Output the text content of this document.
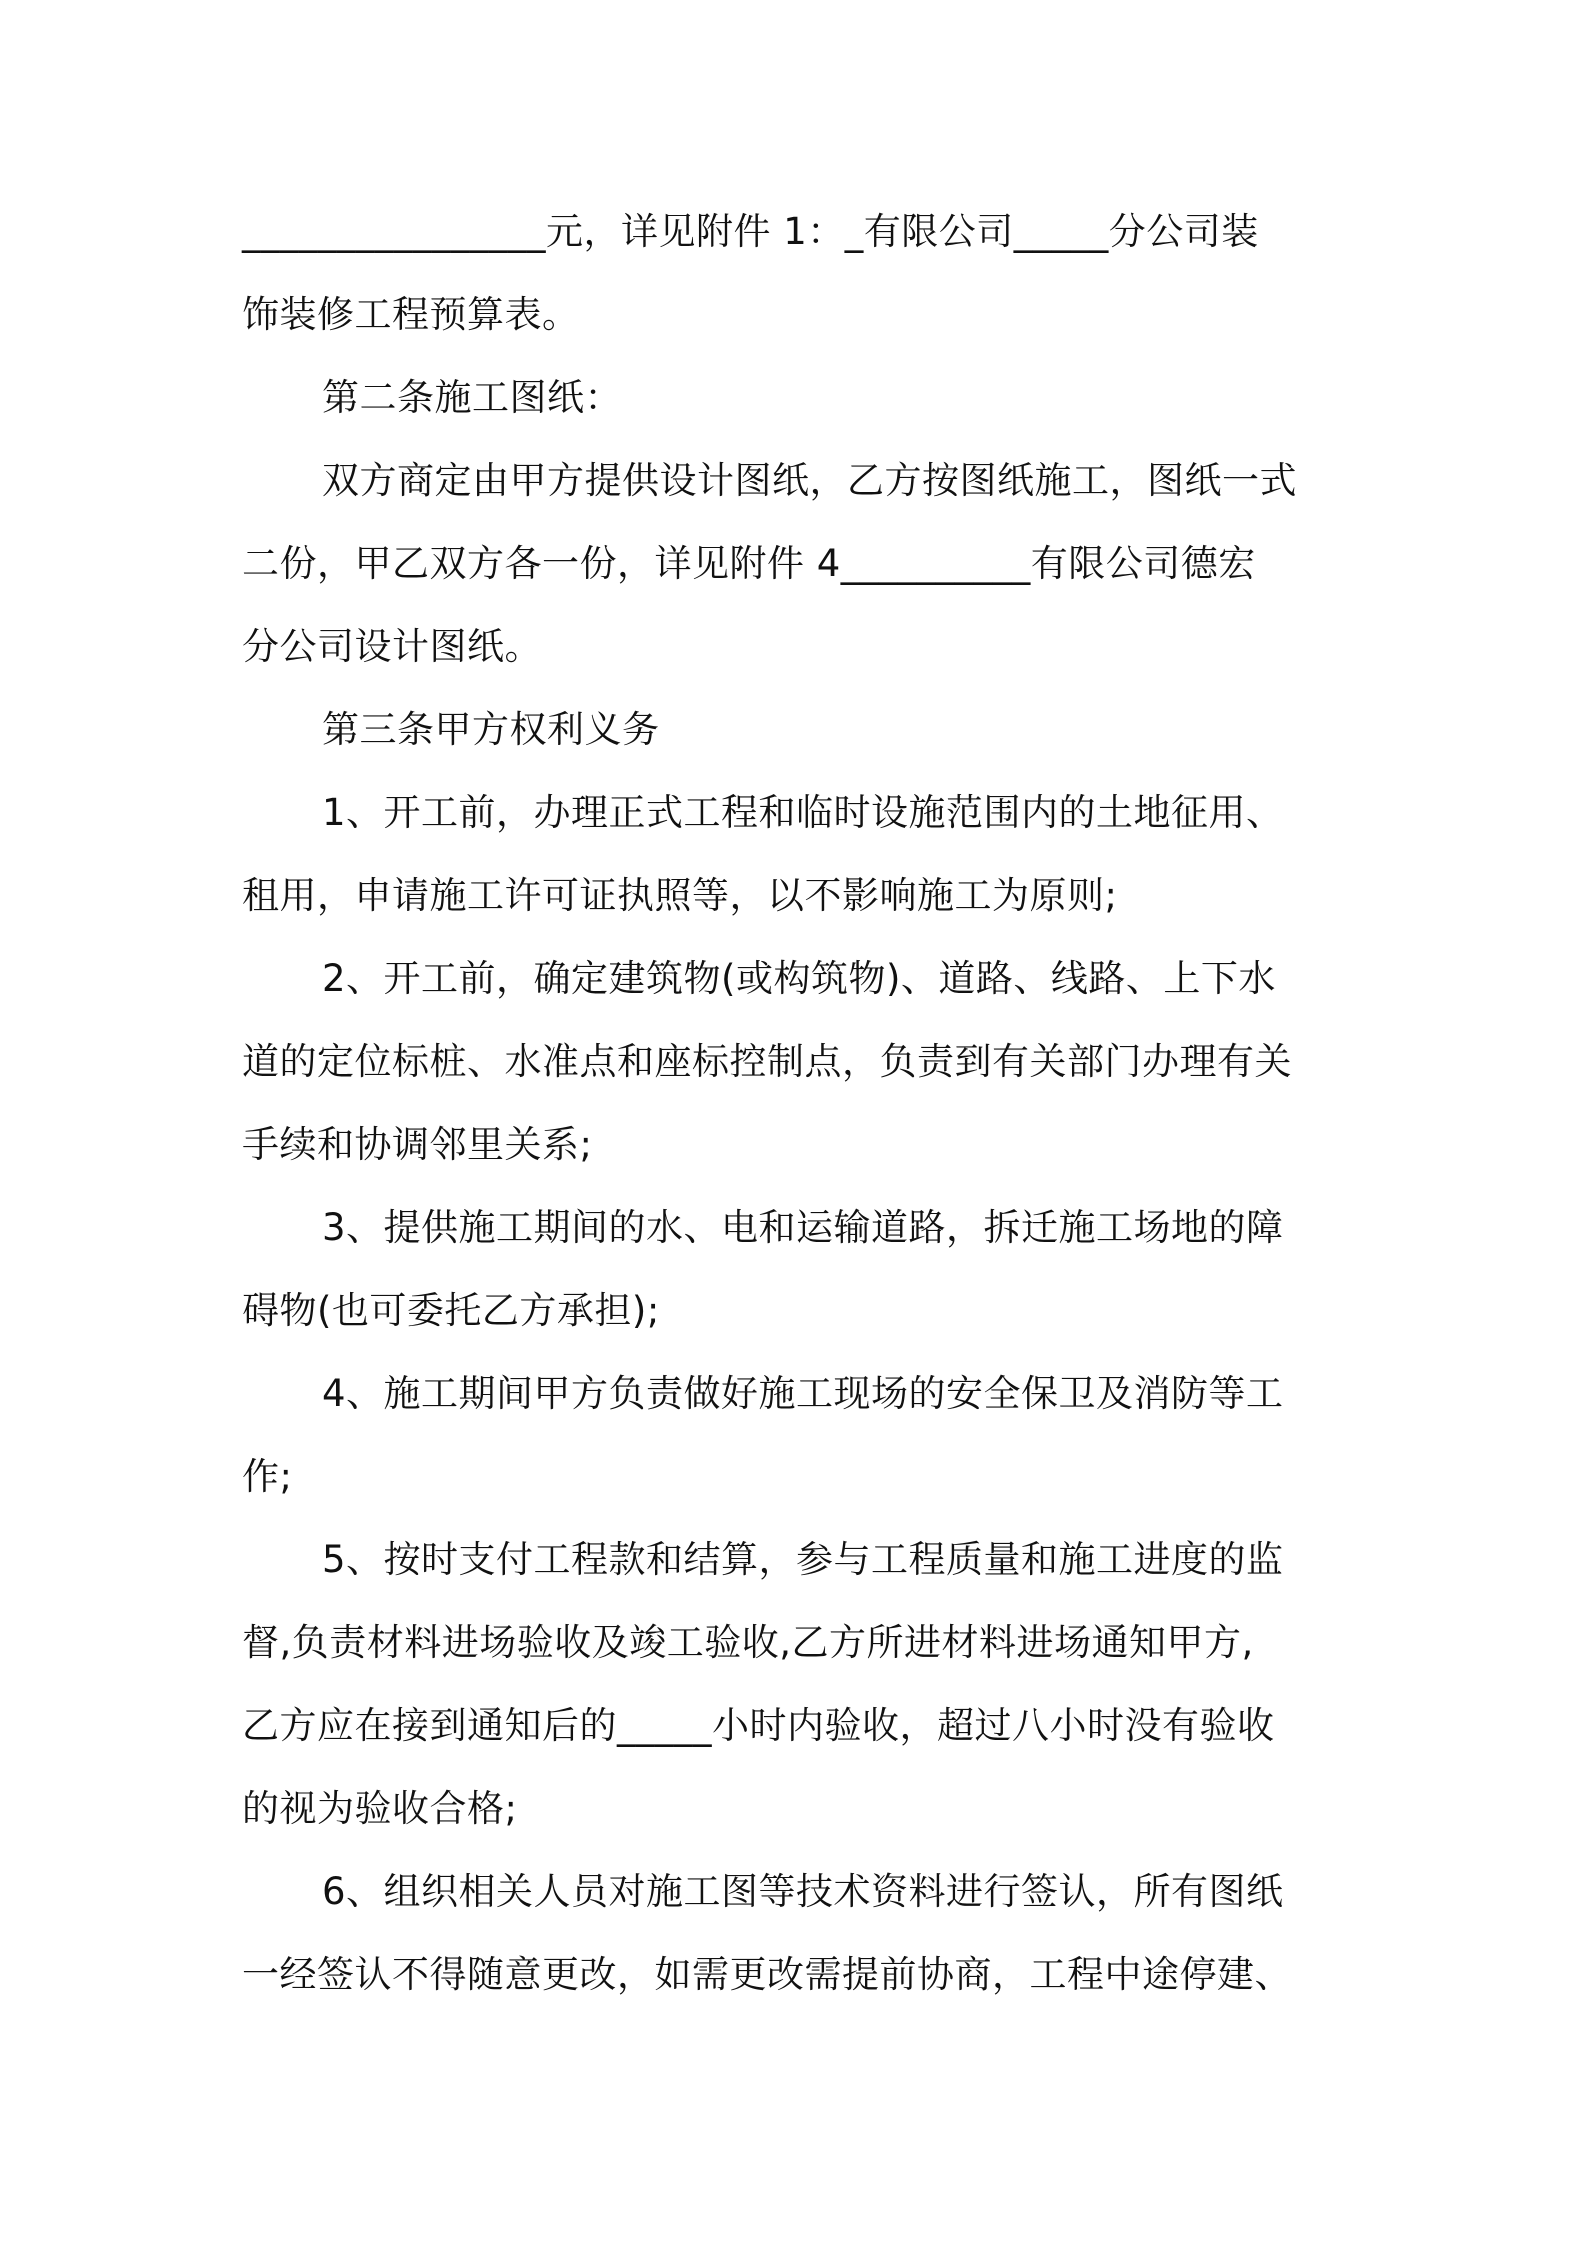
________________元，详见附件 1：_有限公司_____分公司装
饰装修工程预算表。
第二条施工图纸：
双方商定由甲方提供设计图纸，乙方按图纸施工，图纸一式
二份，甲乙双方各一份，详见附件 4__________有限公司德宏
分公司设计图纸。
第三条甲方权利义务
1、开工前，办理正式工程和临时设施范围内的土地征用、
租用，申请施工许可证执照等，以不影响施工为原则;
2、开工前，确定建筑物(或构筑物)、道路、线路、上下水
道的定位标桩、水准点和座标控制点，负责到有关部门办理有关
手续和协调邻里关系;
3、提供施工期间的水、电和运输道路，拆迁施工场地的障
碍物(也可委托乙方承担);
4、施工期间甲方负责做好施工现场的安全保卫及消防等工
作;
5、按时支付工程款和结算，参与工程质量和施工进度的监
督,负责材料进场验收及竣工验收,乙方所进材料进场通知甲方,
乙方应在接到通知后的_____小时内验收，超过八小时没有验收
的视为验收合格;
6、组织相关人员对施工图等技术资料进行签认，所有图纸
一经签认不得随意更改，如需更改需提前协商，工程中途停建、
